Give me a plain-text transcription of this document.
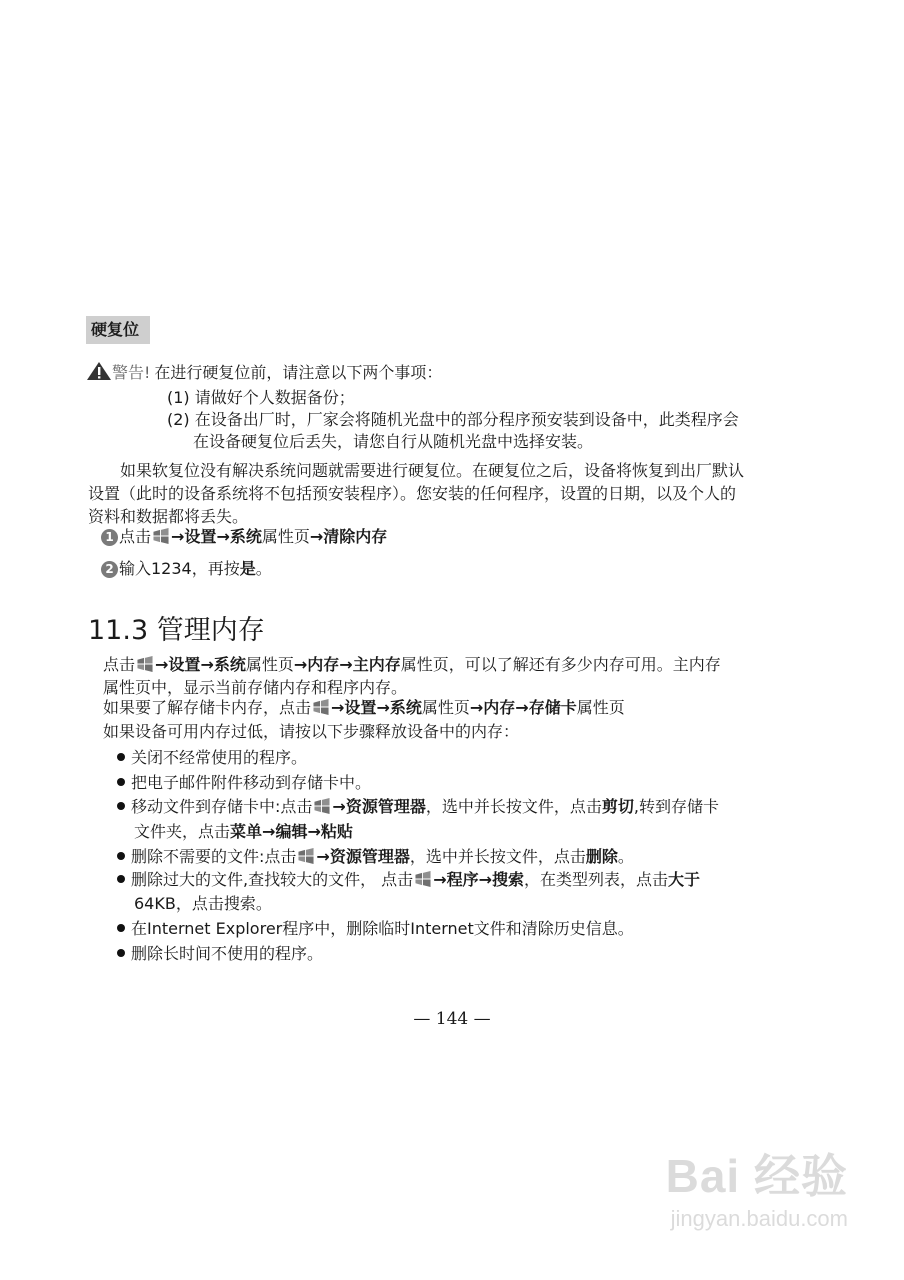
硬复位
警告! 在进行硬复位前，请注意以下两个事项：
(1) 请做好个人数据备份；
(2) 在设备出厂时，厂家会将随机光盘中的部分程序预安装到设备中，此类程序会
在设备硬复位后丢失，请您自行从随机光盘中选择安装。
如果软复位没有解决系统问题就需要进行硬复位。在硬复位之后，设备将恢复到出厂默认
设置（此时的设备系统将不包括预安装程序）。您安装的任何程序，设置的日期，以及个人的
资料和数据都将丢失。
1 点击 →设置→系统属性页→清除内存
2 输入1234，再按是。
11.3 管理内存
点击 →设置→系统属性页→内存→主内存属性页，可以了解还有多少内存可用。主内存
属性页中，显示当前存储内存和程序内存。
如果要了解存储卡内存，点击 →设置→系统属性页→内存→存储卡属性页
如果设备可用内存过低，请按以下步骤释放设备中的内存：
关闭不经常使用的程序。
把电子邮件附件移动到存储卡中。
移动文件到存储卡中:点击 →资源管理器，选中并长按文件，点击剪切,转到存储卡
文件夹，点击菜单→编辑→粘贴
删除不需要的文件:点击 →资源管理器，选中并长按文件，点击删除。
删除过大的文件,查找较大的文件， 点击 →程序→搜索，在类型列表，点击大于
64KB，点击搜索。
在Internet Explorer程序中，删除临时Internet文件和清除历史信息。
删除长时间不使用的程序。
— 144 —
Bai 经验
jingyan.baidu.com
